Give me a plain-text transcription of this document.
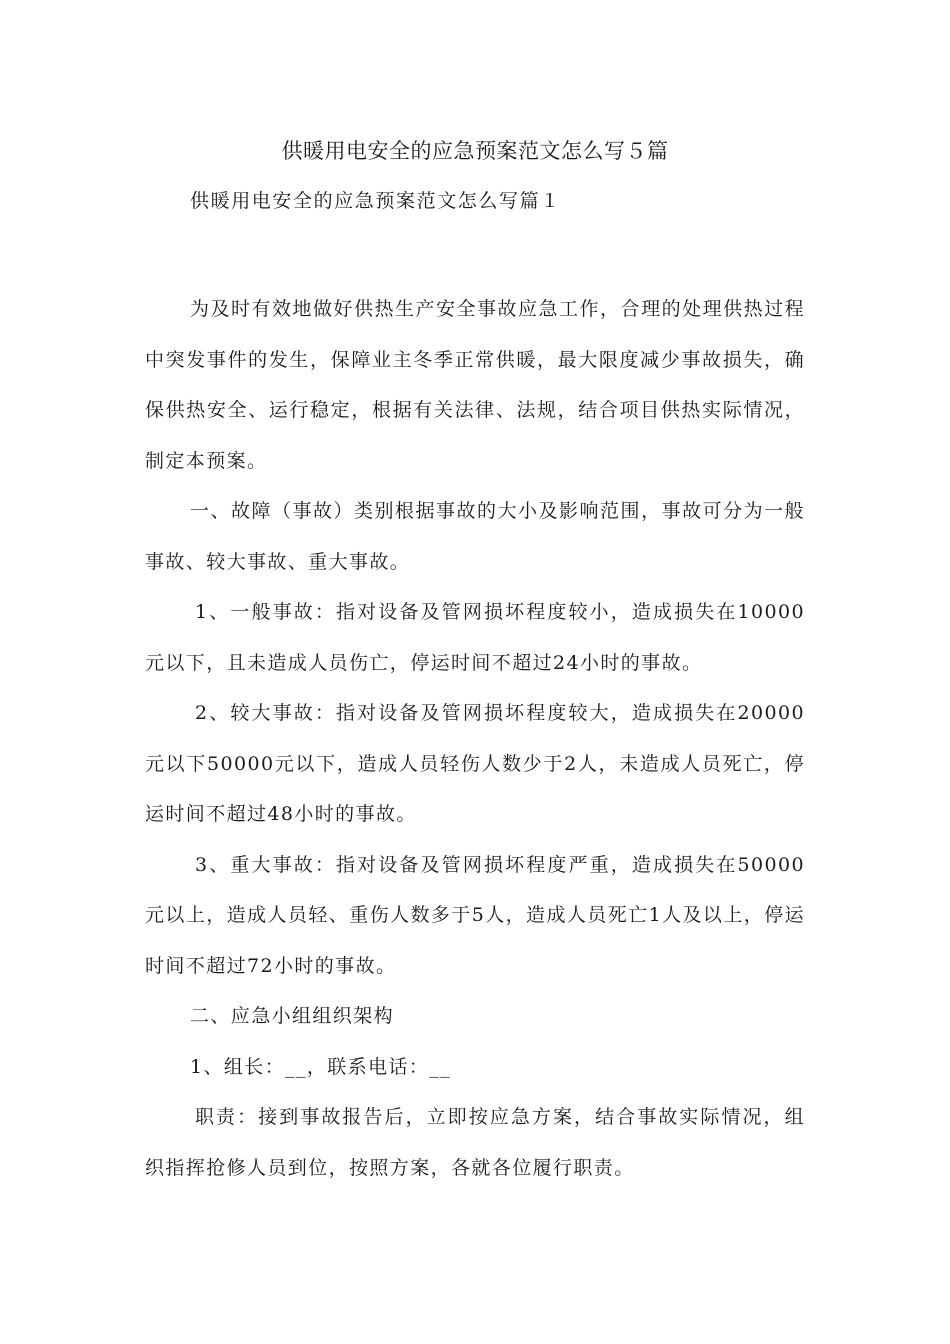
供暖用电安全的应急预案范文怎么写５篇

供暖用电安全的应急预案范文怎么写篇１

为及时有效地做好供热生产安全事故应急工作，合理的处理供热过程中突发事件的发生，保障业主冬季正常供暖，最大限度减少事故损失，确保供热安全、运行稳定，根据有关法律、法规，结合项目供热实际情况，制定本预案。

一、故障（事故）类别根据事故的大小及影响范围，事故可分为一般事故、较大事故、重大事故。

1、一般事故：指对设备及管网损坏程度较小，造成损失在10000元以下，且未造成人员伤亡，停运时间不超过24小时的事故。

2、较大事故：指对设备及管网损坏程度较大，造成损失在20000元以下50000元以下，造成人员轻伤人数少于2人，未造成人员死亡，停运时间不超过48小时的事故。

3、重大事故：指对设备及管网损坏程度严重，造成损失在50000元以上，造成人员轻、重伤人数多于5人，造成人员死亡1人及以上，停运时间不超过72小时的事故。

二、应急小组组织架构

1、组长：__，联系电话：__

职责：接到事故报告后，立即按应急方案，结合事故实际情况，组织指挥抢修人员到位，按照方案，各就各位履行职责。
